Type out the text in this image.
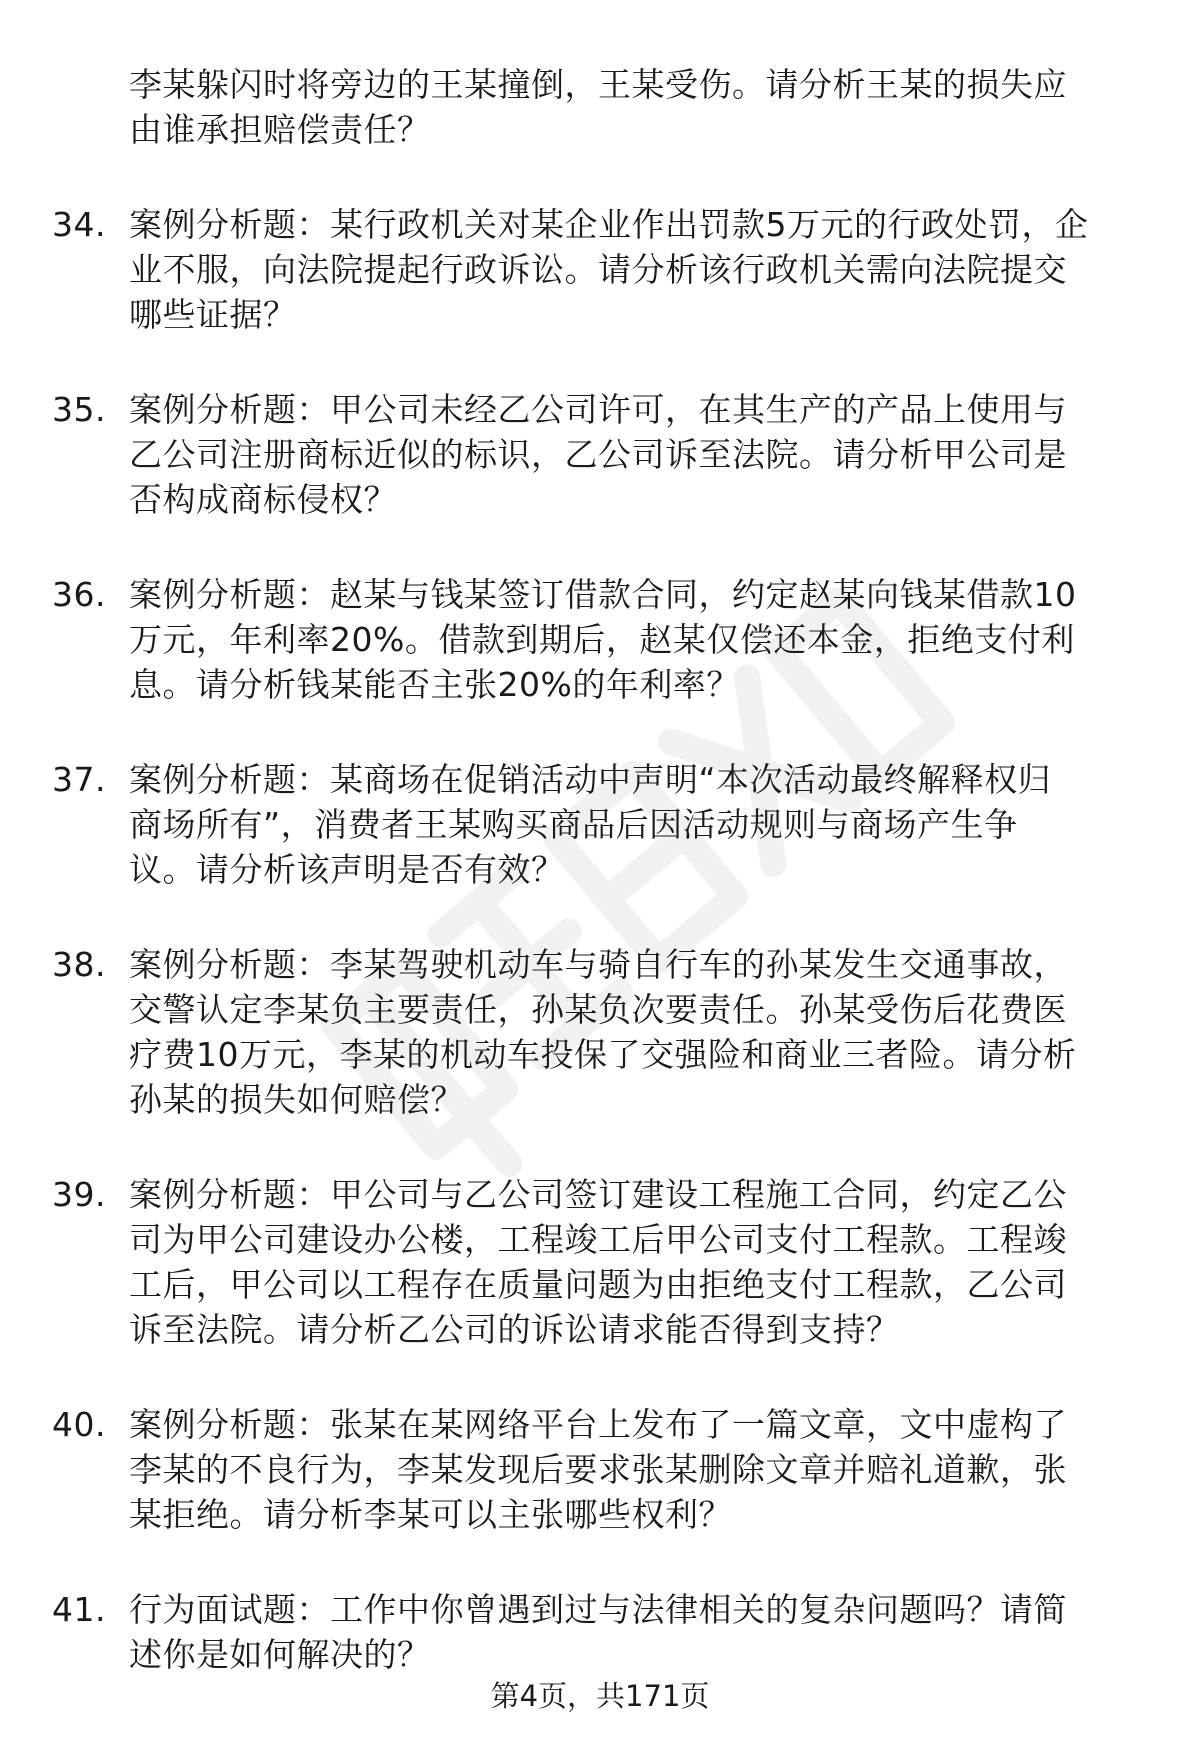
李某躲闪时将旁边的王某撞倒，王某受伤。请分析王某的损失应
由谁承担赔偿责任？
34. 案例分析题：某行政机关对某企业作出罚款5万元的行政处罚，企
业不服，向法院提起行政诉讼。请分析该行政机关需向法院提交
哪些证据？
35. 案例分析题：甲公司未经乙公司许可，在其生产的产品上使用与
乙公司注册商标近似的标识，乙公司诉至法院。请分析甲公司是
否构成商标侵权？
36. 案例分析题：赵某与钱某签订借款合同，约定赵某向钱某借款10
万元，年利率20%。借款到期后，赵某仅偿还本金，拒绝支付利
息。请分析钱某能否主张20%的年利率？
37. 案例分析题：某商场在促销活动中声明“本次活动最终解释权归
商场所有”，消费者王某购买商品后因活动规则与商场产生争
议。请分析该声明是否有效？
38. 案例分析题：李某驾驶机动车与骑自行车的孙某发生交通事故，
交警认定李某负主要责任，孙某负次要责任。孙某受伤后花费医
疗费10万元，李某的机动车投保了交强险和商业三者险。请分析
孙某的损失如何赔偿？
39. 案例分析题：甲公司与乙公司签订建设工程施工合同，约定乙公
司为甲公司建设办公楼，工程竣工后甲公司支付工程款。工程竣
工后，甲公司以工程存在质量问题为由拒绝支付工程款，乙公司
诉至法院。请分析乙公司的诉讼请求能否得到支持？
40. 案例分析题：张某在某网络平台上发布了一篇文章，文中虚构了
李某的不良行为，李某发现后要求张某删除文章并赔礼道歉，张
某拒绝。请分析李某可以主张哪些权利？
41. 行为面试题：工作中你曾遇到过与法律相关的复杂问题吗？请简
述你是如何解决的？
第4页，共171页
